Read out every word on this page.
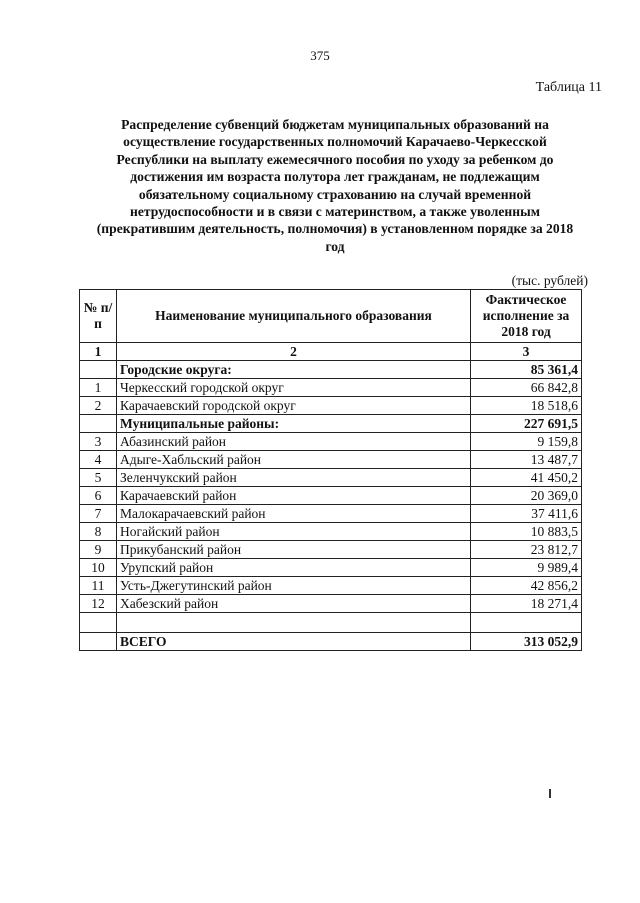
375
Таблица 11
Распределение субвенций бюджетам муниципальных образований на осуществление государственных полномочий Карачаево-Черкесской Республики на выплату ежемесячного пособия по уходу за ребенком до достижения им возраста полутора лет гражданам, не подлежащим обязательному социальному страхованию на случай временной нетрудоспособности и в связи с материнством, а также уволенным (прекратившим деятельность, полномочия) в установленном порядке за 2018 год
(тыс. рублей)
№ п/п	Наименование муниципального образования	Фактическое исполнение за 2018 год
1	2	3
	Городские округа:	85 361,4
1	Черкесский городской округ	66 842,8
2	Карачаевский городской округ	18 518,6
	Муниципальные районы:	227 691,5
3	Абазинский район	9 159,8
4	Адыге-Хабльский район	13 487,7
5	Зеленчукский район	41 450,2
6	Карачаевский район	20 369,0
7	Малокарачаевский район	37 411,6
8	Ногайский район	10 883,5
9	Прикубанский район	23 812,7
10	Урупский район	9 989,4
11	Усть-Джегутинский район	42 856,2
12	Хабезский район	18 271,4

	ВСЕГО	313 052,9
